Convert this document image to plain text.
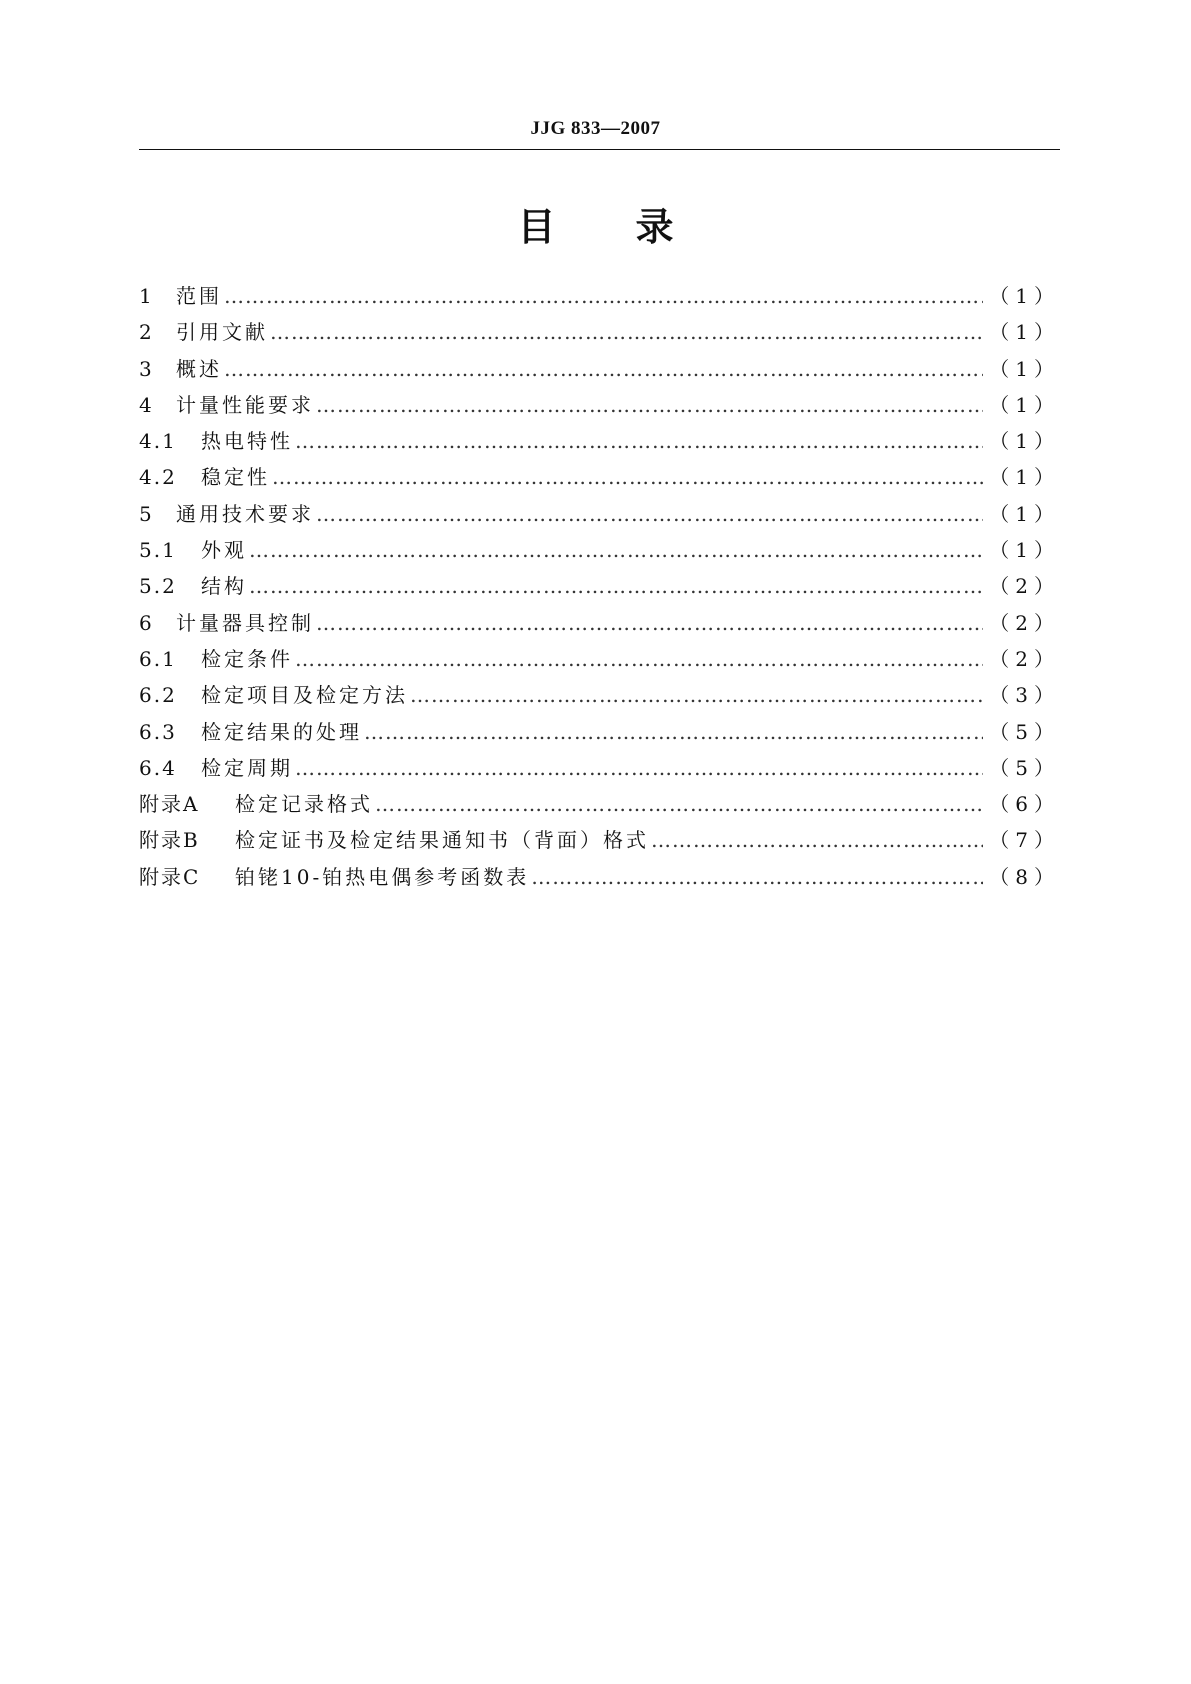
JJG 833—2007
目录
1	范围 ………………………………………………………………………………………………………………………………………………………………………	（1）
2	引用文献 ………………………………………………………………………………………………………………………………………………………………………	（1）
3	概述 ………………………………………………………………………………………………………………………………………………………………………	（1）
4	计量性能要求 ………………………………………………………………………………………………………………………………………………………………………	（1）
4.1	热电特性 ………………………………………………………………………………………………………………………………………………………………………	（1）
4.2	稳定性 ………………………………………………………………………………………………………………………………………………………………………	（1）
5	通用技术要求 ………………………………………………………………………………………………………………………………………………………………………	（1）
5.1	外观 ………………………………………………………………………………………………………………………………………………………………………	（1）
5.2	结构 ………………………………………………………………………………………………………………………………………………………………………	（2）
6	计量器具控制 ………………………………………………………………………………………………………………………………………………………………………	（2）
6.1	检定条件 ………………………………………………………………………………………………………………………………………………………………………	（2）
6.2	检定项目及检定方法 ………………………………………………………………………………………………………………………………………………………………………	（3）
6.3	检定结果的处理 ………………………………………………………………………………………………………………………………………………………………………	（5）
6.4	检定周期 ………………………………………………………………………………………………………………………………………………………………………	（5）
附录A	检定记录格式 ………………………………………………………………………………………………………………………………………………………………………	（6）
附录B	检定证书及检定结果通知书（背面）格式 ………………………………………………………………………………………………………………………………………………………………………	（7）
附录C	铂铑10-铂热电偶参考函数表 ………………………………………………………………………………………………………………………………………………………………………	（8）
